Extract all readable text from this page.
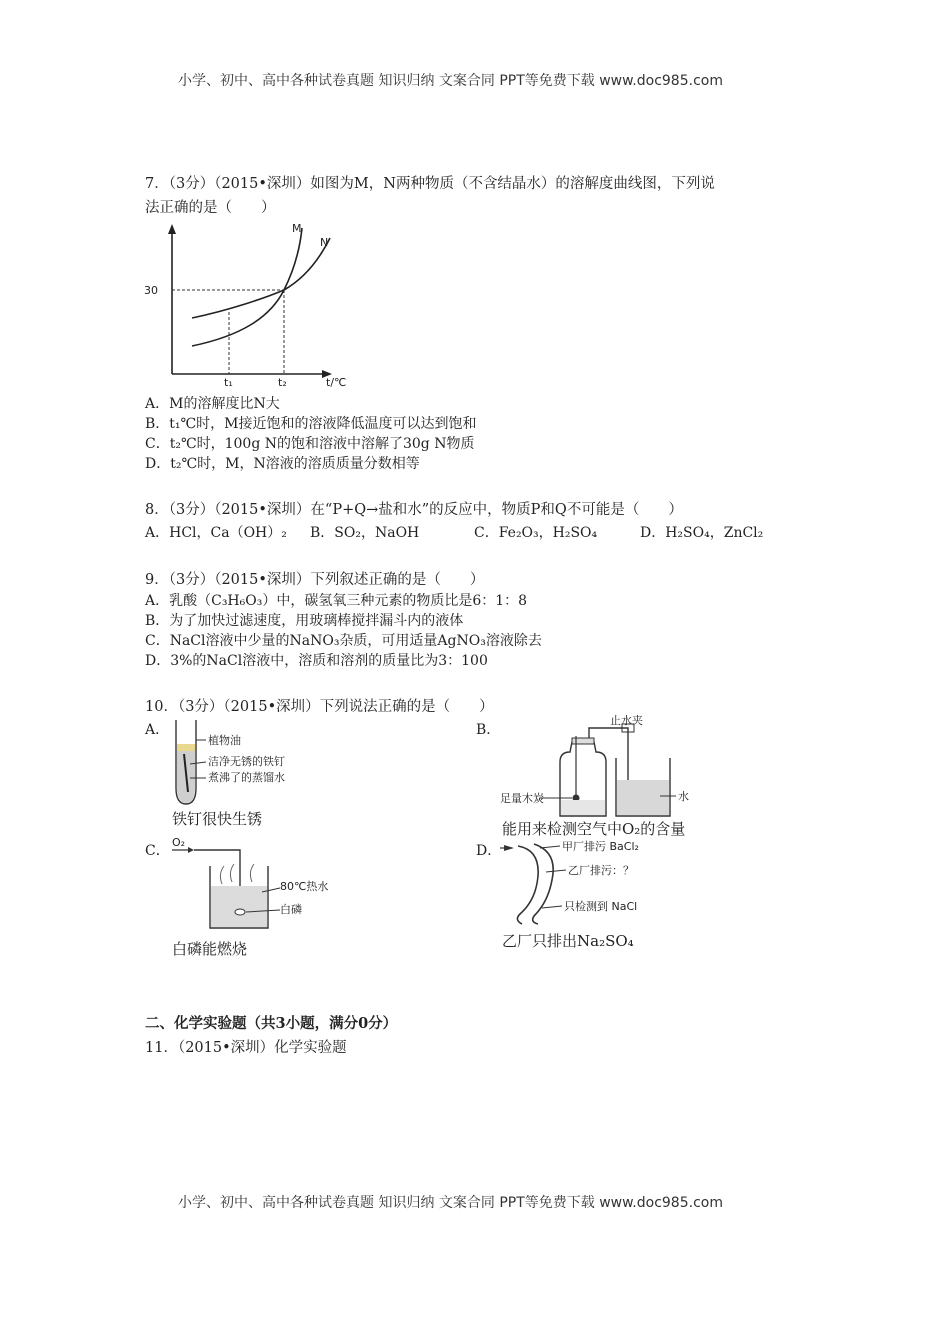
小学、初中、高中各种试卷真题 知识归纳 文案合同 PPT等免费下载 www.doc985.com
7．（3分）（2015•深圳）如图为M，N两种物质（不含结晶水）的溶解度曲线图，下列说
法正确的是（　　）
30
M
N
t₁	t₂	t/℃
A．M的溶解度比N大
B．t₁℃时，M接近饱和的溶液降低温度可以达到饱和
C．t₂℃时，100g N的饱和溶液中溶解了30g N物质
D．t₂℃时，M，N溶液的溶质质量分数相等
8．（3分）（2015•深圳）在“P+Q→盐和水”的反应中，物质P和Q不可能是（　　）
A．HCl，Ca（OH）₂ B．SO₂，NaOH	C．Fe₂O₃，H₂SO₄	D．H₂SO₄，ZnCl₂
9．（3分）（2015•深圳）下列叙述正确的是（　　）
A．乳酸（C₃H₆O₃）中，碳氢氧三种元素的物质比是6：1：8
B．为了加快过滤速度，用玻璃棒搅拌漏斗内的液体
C．NaCl溶液中少量的NaNO₃杂质，可用适量AgNO₃溶液除去
D．3%的NaCl溶液中，溶质和溶剂的质量比为3：100
10．（3分）（2015•深圳）下列说法正确的是（　　）
A．
植物油
洁净无锈的铁钉
煮沸了的蒸馏水
铁钉很快生锈
B．
止水夹
足量木炭	水
能用来检测空气中O₂的含量
C．
O₂
80℃热水
白磷
白磷能燃烧
D．	甲厂排污 BaCl₂
乙厂排污：？
只检测到 NaCl
乙厂只排出Na₂SO₄
二、化学实验题（共3小题，满分0分）
11．（2015•深圳）化学实验题
小学、初中、高中各种试卷真题 知识归纳 文案合同 PPT等免费下载 www.doc985.com
